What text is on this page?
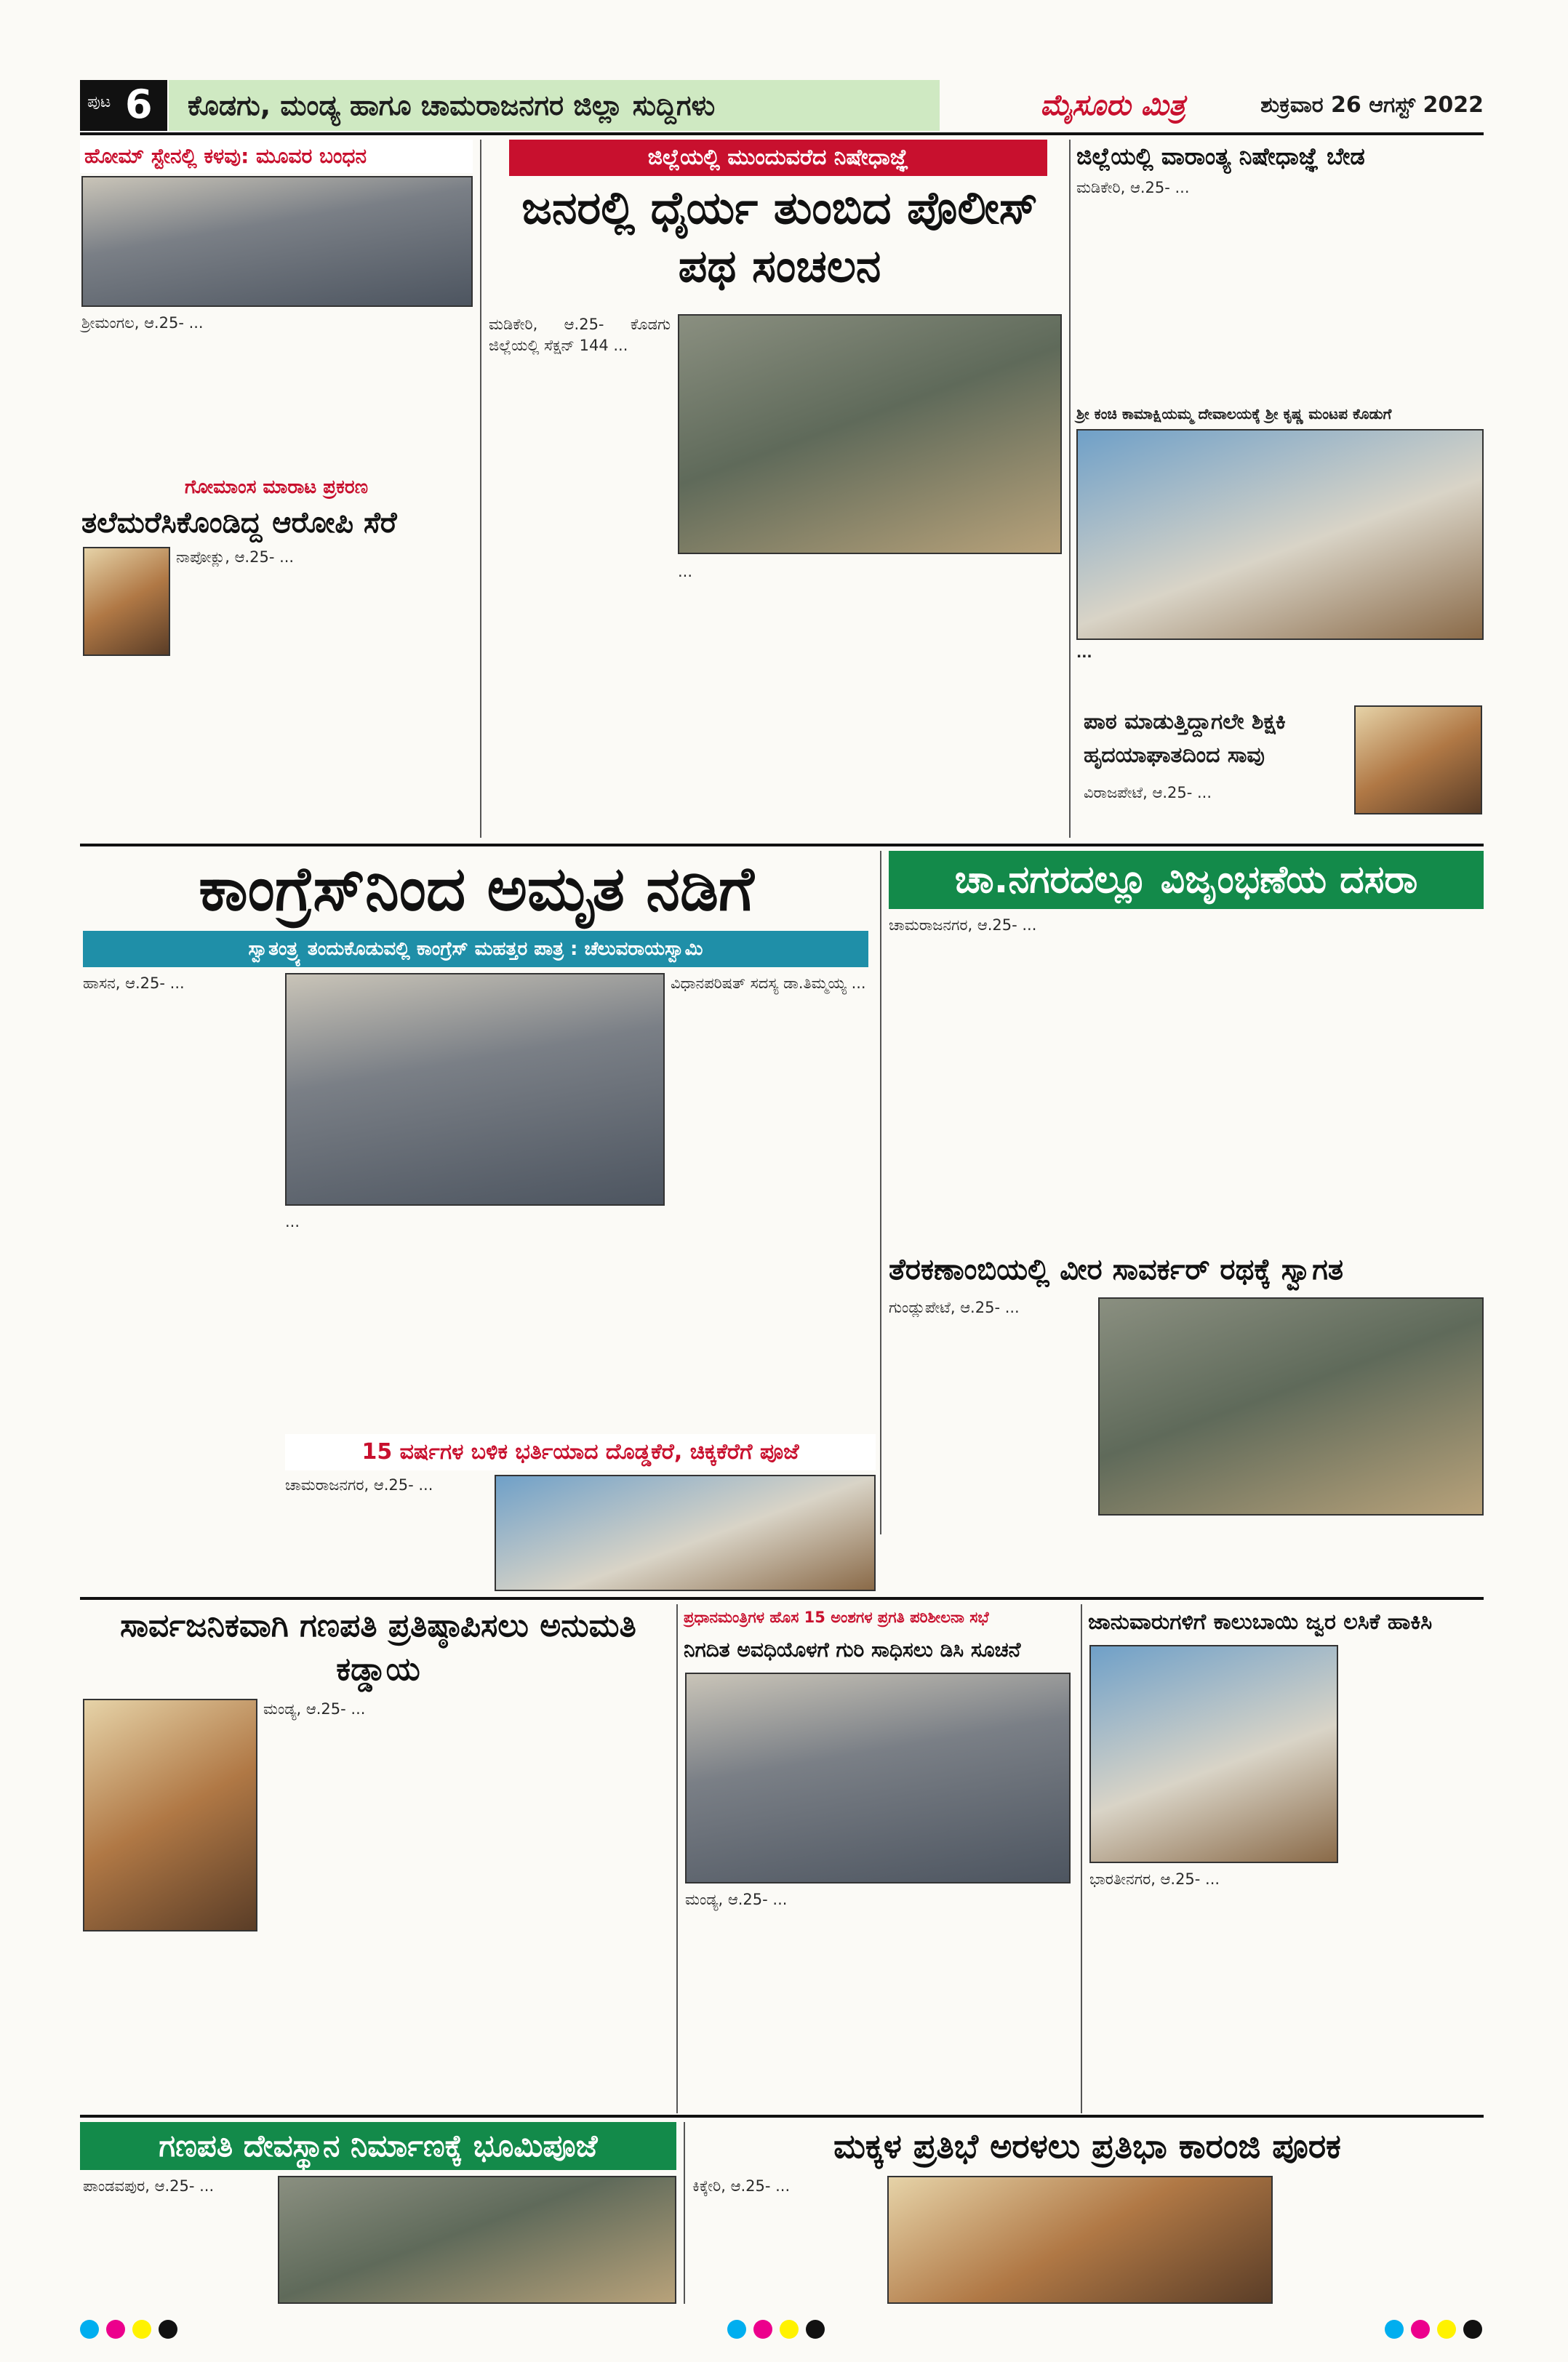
ಪುಟ 6	ಕೊಡಗು, ಮಂಡ್ಯ ಹಾಗೂ ಚಾಮರಾಜನಗರ ಜಿಲ್ಲಾ ಸುದ್ದಿಗಳು	ಮೈಸೂರು ಮಿತ್ರ	ಶುಕ್ರವಾರ 26 ಆಗಸ್ಟ್ 2022
ಹೋಮ್ ಸ್ಟೇನಲ್ಲಿ ಕಳವು: ಮೂವರ ಬಂಧನ
ಶ್ರೀಮಂಗಲ, ಆ.25- ...
ಗೋಮಾಂಸ ಮಾರಾಟ ಪ್ರಕರಣ
ತಲೆಮರೆಸಿಕೊಂಡಿದ್ದ ಆರೋಪಿ ಸೆರೆ
ನಾಪೋಕ್ಲು, ಆ.25- ...
ಜಿಲ್ಲೆಯಲ್ಲಿ ಮುಂದುವರೆದ ನಿಷೇಧಾಜ್ಞೆ
ಜನರಲ್ಲಿ ಧೈರ್ಯ ತುಂಬಿದ ಪೊಲೀಸ್ ಪಥ ಸಂಚಲನ
ಮಡಿಕೇರಿ, ಆ.25- ಕೊಡಗು ಜಿಲ್ಲೆಯಲ್ಲಿ ಸೆಕ್ಷನ್ 144 ...
...
ಜಿಲ್ಲೆಯಲ್ಲಿ ವಾರಾಂತ್ಯ ನಿಷೇಧಾಜ್ಞೆ ಬೇಡ
ಮಡಿಕೇರಿ, ಆ.25- ...
ಶ್ರೀ ಕಂಚಿ ಕಾಮಾಕ್ಷಿಯಮ್ಮ ದೇವಾಲಯಕ್ಕೆ ಶ್ರೀ ಕೃಷ್ಣ ಮಂಟಪ ಕೊಡುಗೆ
...
ಪಾಠ ಮಾಡುತ್ತಿದ್ದಾಗಲೇ ಶಿಕ್ಷಕಿ ಹೃದಯಾಘಾತದಿಂದ ಸಾವು
ವಿರಾಜಪೇಟೆ, ಆ.25- ...
ಕಾಂಗ್ರೆಸ್‌ನಿಂದ ಅಮೃತ ನಡಿಗೆ
ಸ್ವಾತಂತ್ರ್ಯ ತಂದುಕೊಡುವಲ್ಲಿ ಕಾಂಗ್ರೆಸ್ ಮಹತ್ತರ ಪಾತ್ರ : ಚೆಲುವರಾಯಸ್ವಾಮಿ
ಹಾಸನ, ಆ.25- ...
...
ವಿಧಾನಪರಿಷತ್ ಸದಸ್ಯ ಡಾ.ತಿಮ್ಮಯ್ಯ ...
ಚಾ.ನಗರದಲ್ಲೂ ವಿಜೃಂಭಣೆಯ ದಸರಾ
ಚಾಮರಾಜನಗರ, ಆ.25- ...
15 ವರ್ಷಗಳ ಬಳಿಕ ಭರ್ತಿಯಾದ ದೊಡ್ಡಕೆರೆ, ಚಿಕ್ಕಕೆರೆಗೆ ಪೂಜೆ
ಚಾಮರಾಜನಗರ, ಆ.25- ...
ತೆರಕಣಾಂಬಿಯಲ್ಲಿ ವೀರ ಸಾವರ್ಕರ್ ರಥಕ್ಕೆ ಸ್ವಾಗತ
ಗುಂಡ್ಲುಪೇಟೆ, ಆ.25- ...
ಸಾರ್ವಜನಿಕವಾಗಿ ಗಣಪತಿ ಪ್ರತಿಷ್ಠಾಪಿಸಲು ಅನುಮತಿ ಕಡ್ಡಾಯ
ಮಂಡ್ಯ, ಆ.25- ...
ಪ್ರಧಾನಮಂತ್ರಿಗಳ ಹೊಸ 15 ಅಂಶಗಳ ಪ್ರಗತಿ ಪರಿಶೀಲನಾ ಸಭೆ
ನಿಗದಿತ ಅವಧಿಯೊಳಗೆ ಗುರಿ ಸಾಧಿಸಲು ಡಿಸಿ ಸೂಚನೆ
ಮಂಡ್ಯ, ಆ.25- ...
ಜಾನುವಾರುಗಳಿಗೆ ಕಾಲುಬಾಯಿ ಜ್ವರ ಲಸಿಕೆ ಹಾಕಿಸಿ
ಭಾರತೀನಗರ, ಆ.25- ...
ಗಣಪತಿ ದೇವಸ್ಥಾನ ನಿರ್ಮಾಣಕ್ಕೆ ಭೂಮಿಪೂಜೆ
ಪಾಂಡವಪುರ, ಆ.25- ...
ಮಕ್ಕಳ ಪ್ರತಿಭೆ ಅರಳಲು ಪ್ರತಿಭಾ ಕಾರಂಜಿ ಪೂರಕ
ಕಿಕ್ಕೇರಿ, ಆ.25- ...
